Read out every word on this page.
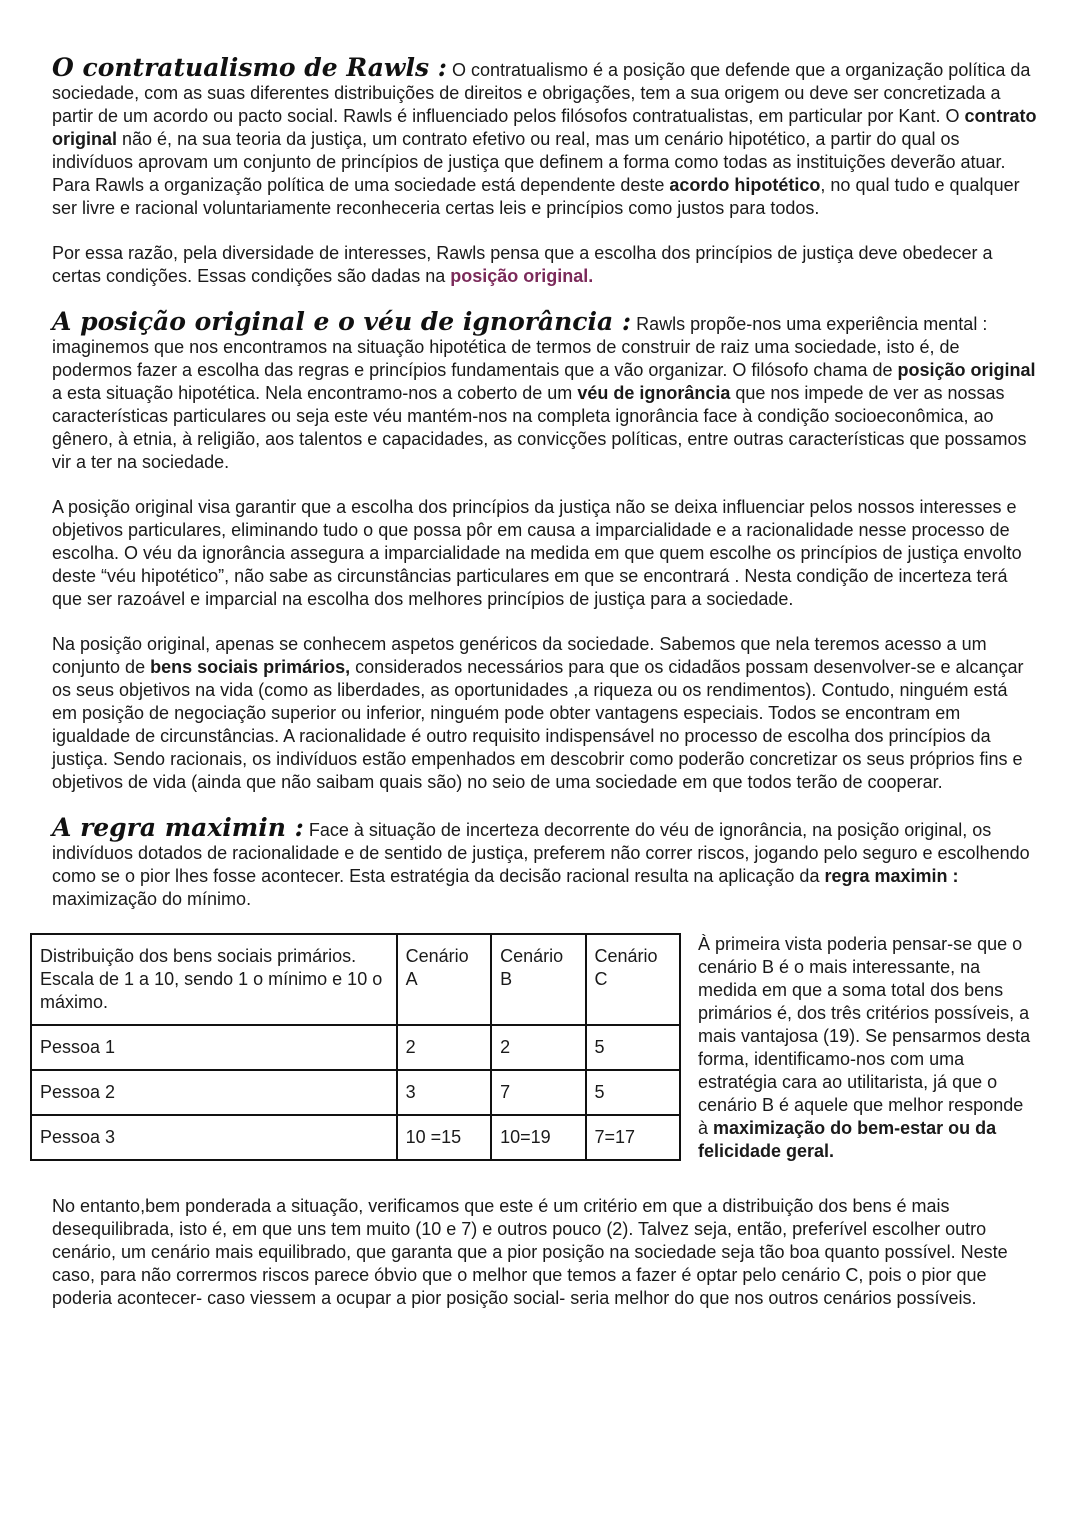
O contratualismo de Rawls : O contratualismo é a posição que defende que a organização política da sociedade, com as suas diferentes distribuições de direitos e obrigações, tem a sua origem ou deve ser concretizada a partir de um acordo ou pacto social. Rawls é influenciado pelos filósofos contratualistas, em particular por Kant. O contrato original não é, na sua teoria da justiça, um contrato efetivo ou real, mas um cenário hipotético, a partir do qual os indivíduos aprovam um conjunto de princípios de justiça que definem a forma como todas as instituições deverão atuar. Para Rawls a organização política de uma sociedade está dependente deste acordo hipotético, no qual tudo e qualquer ser livre e racional voluntariamente reconheceria certas leis e princípios como justos para todos.

Por essa razão, pela diversidade de interesses, Rawls pensa que a escolha dos princípios de justiça deve obedecer a certas condições. Essas condições são dadas na posição original.

A posição original e o véu de ignorância : Rawls propõe-nos uma experiência mental : imaginemos que nos encontramos na situação hipotética de termos de construir de raiz uma sociedade, isto é, de podermos fazer a escolha das regras e princípios fundamentais que a vão organizar. O filósofo chama de posição original a esta situação hipotética. Nela encontramo-nos a coberto de um véu de ignorância que nos impede de ver as nossas características particulares ou seja este véu mantém-nos na completa ignorância face à condição socioeconômica, ao gênero, à etnia, à religião, aos talentos e capacidades, as convicções políticas, entre outras características que possamos vir a ter na sociedade.

A posição original visa garantir que a escolha dos princípios da justiça não se deixa influenciar pelos nossos interesses e objetivos particulares, eliminando tudo o que possa pôr em causa a imparcialidade e a racionalidade nesse processo de escolha. O véu da ignorância assegura a imparcialidade na medida em que quem escolhe os princípios de justiça envolto deste “véu hipotético”, não sabe as circunstâncias particulares em que se encontrará . Nesta condição de incerteza terá que ser razoável e imparcial na escolha dos melhores princípios de justiça para a sociedade.

Na posição original, apenas se conhecem aspetos genéricos da sociedade. Sabemos que nela teremos acesso a um conjunto de bens sociais primários, considerados necessários para que os cidadãos possam desenvolver-se e alcançar os seus objetivos na vida (como as liberdades, as oportunidades ,a riqueza ou os rendimentos). Contudo, ninguém está em posição de negociação superior ou inferior, ninguém pode obter vantagens especiais. Todos se encontram em igualdade de circunstâncias. A racionalidade é outro requisito indispensável no processo de escolha dos princípios da justiça. Sendo racionais, os indivíduos estão empenhados em descobrir como poderão concretizar os seus próprios fins e objetivos de vida (ainda que não saibam quais são) no seio de uma sociedade em que todos terão de cooperar.

A regra maximin : Face à situação de incerteza decorrente do véu de ignorância, na posição original, os indivíduos dotados de racionalidade e de sentido de justiça, preferem não correr riscos, jogando pelo seguro e escolhendo como se o pior lhes fosse acontecer. Esta estratégia da decisão racional resulta na aplicação da regra maximin : maximização do mínimo.

Distribuição dos bens sociais primários. Escala de 1 a 10, sendo 1 o mínimo e 10 o máximo.	Cenário A	Cenário B	Cenário C
Pessoa 1	2	2	5
Pessoa 2	3	7	5
Pessoa 3	10 =15	10=19	7=17

À primeira vista poderia pensar-se que o cenário B é o mais interessante, na medida em que a soma total dos bens primários é, dos três critérios possíveis, a mais vantajosa (19). Se pensarmos desta forma, identificamo-nos com uma estratégia cara ao utilitarista, já que o cenário B é aquele que melhor responde à maximização do bem-estar ou da felicidade geral.

No entanto,bem ponderada a situação, verificamos que este é um critério em que a distribuição dos bens é mais desequilibrada, isto é, em que uns tem muito (10 e 7) e outros pouco (2). Talvez seja, então, preferível escolher outro cenário, um cenário mais equilibrado, que garanta que a pior posição na sociedade seja tão boa quanto possível. Neste caso, para não corrermos riscos parece óbvio que o melhor que temos a fazer é optar pelo cenário C, pois o pior que poderia acontecer- caso viessem a ocupar a pior posição social- seria melhor do que nos outros cenários possíveis.
